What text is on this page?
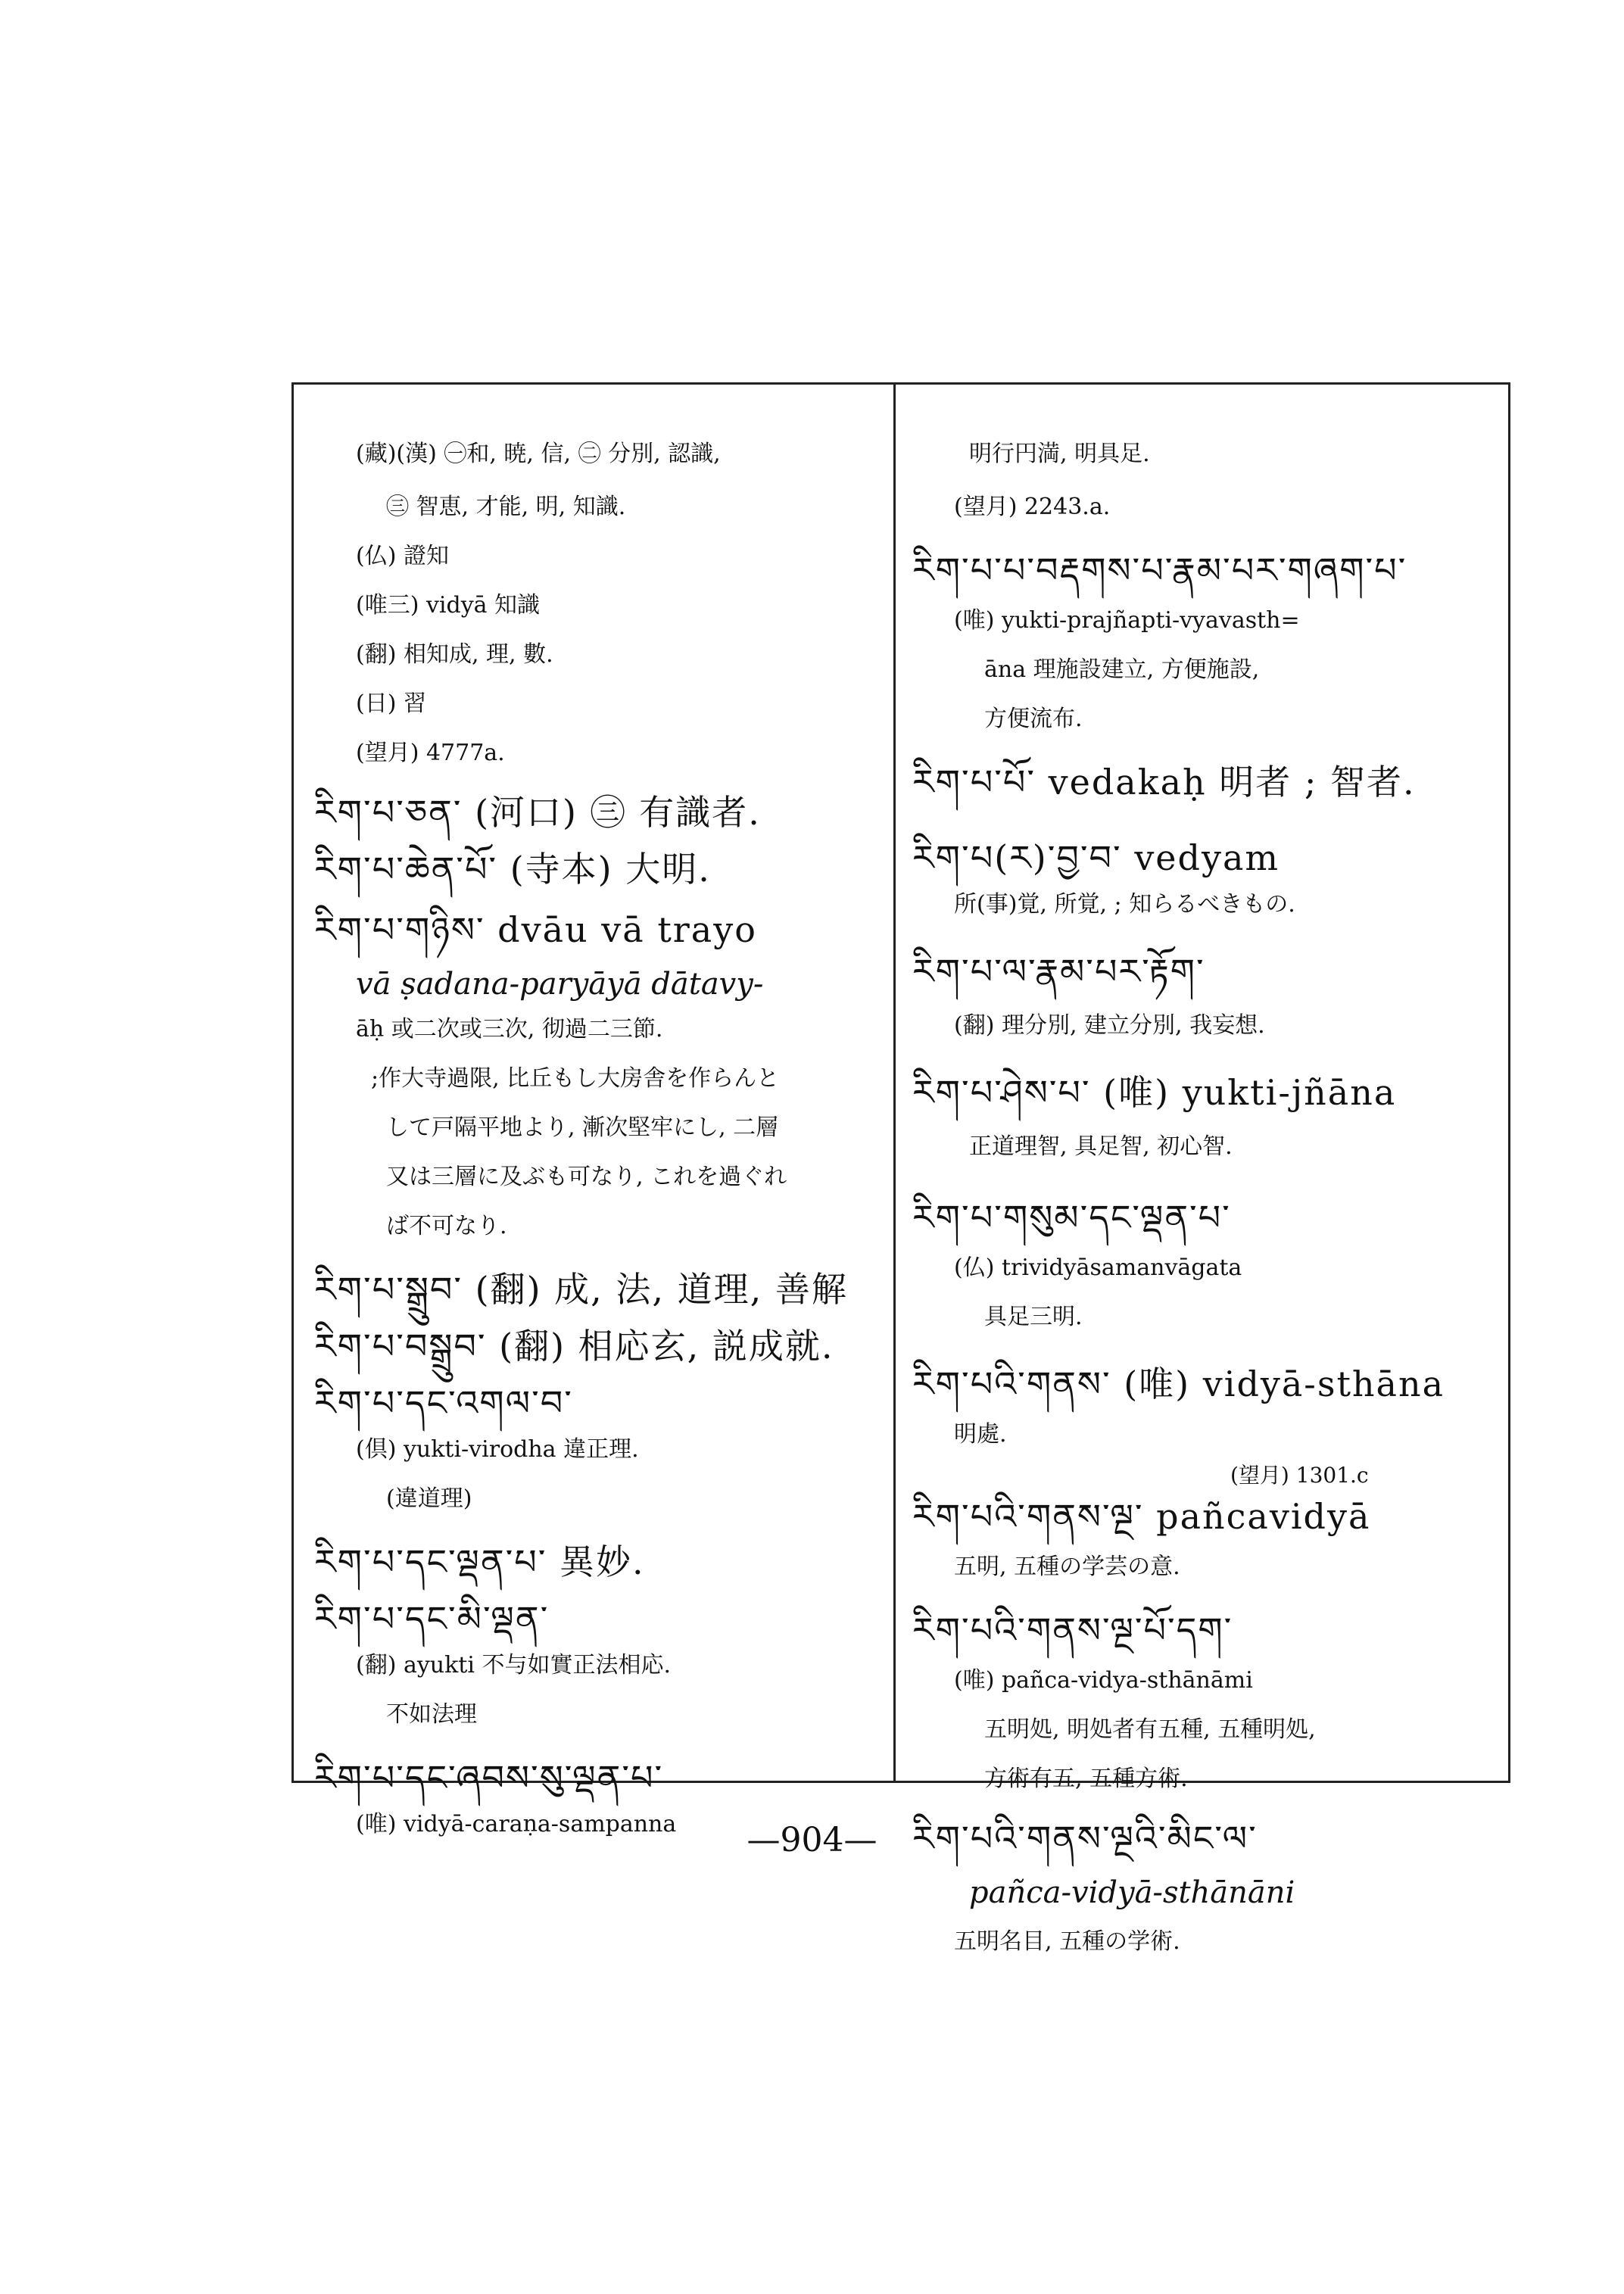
(藏)(漢) ㊀和, 暁, 信, ㊁ 分別, 認識,
㊂ 智恵, 才能, 明, 知識.
(仏) 證知
(唯三) vidyā 知識
(翻) 相知成, 理, 數.
(日) 習
(望月) 4777a.
རིག་པ་ཅན་ (河口) ㊂ 有識者.
རིག་པ་ཆེན་པོ་ (寺本) 大明.
རིག་པ་གཉིས་ dvāu vā trayo
vā ṣadana-paryāyā dātavy-
āḥ 或二次或三次, 彻過二三節.
;作大寺過限, 比丘もし大房舎を作らんと
して戸隔平地より, 漸次堅牢にし, 二層
又は三層に及ぶも可なり, これを過ぐれ
ば不可なり.
རིག་པ་སྒྲུབ་ (翻) 成, 法, 道理, 善解
རིག་པ་བསྒྲུབ་ (翻) 相応玄, 説成就.
རིག་པ་དང་འགལ་བ་
(倶) yukti-virodha 違正理.
(違道理)
རིག་པ་དང་ལྡན་པ་ 異妙.
རིག་པ་དང་མི་ལྡན་
(翻) ayukti 不与如實正法相応.
不如法理
རིག་པ་དང་ཞབས་སུ་ལྡན་པ་
(唯) vidyā-caraṇa-sampanna
明行円満, 明具足.
(望月) 2243.a.
རིག་པ་པ་བརྡགས་པ་རྣམ་པར་གཞག་པ་
(唯) yukti-prajñapti-vyavasth=
āna 理施設建立, 方便施設,
方便流布.
རིག་པ་པོ་ vedakaḥ 明者 ; 智者.
རིག་པ(ར)་བྱ་བ་ vedyam
所(事)覚, 所覚, ; 知らるべきもの.
རིག་པ་ལ་རྣམ་པར་རྟོག་
(翻) 理分別, 建立分別, 我妄想.
རིག་པ་ཤེས་པ་ (唯) yukti-jñāna
正道理智, 具足智, 初心智.
རིག་པ་གསུམ་དང་ལྡན་པ་
(仏) trividyāsamanvāgata
具足三明.
རིག་པའི་གནས་ (唯) vidyā-sthāna
明處.
(望月) 1301.c
རིག་པའི་གནས་ལྔ་ pañcavidyā
五明, 五種の学芸の意.
རིག་པའི་གནས་ལྔ་པོ་དག་
(唯) pañca-vidya-sthānāmi
五明処, 明処者有五種, 五種明処,
方術有五, 五種方術.
རིག་པའི་གནས་ལྔའི་མིང་ལ་
pañca-vidyā-sthānāni
五明名目, 五種の学術.
—904—
